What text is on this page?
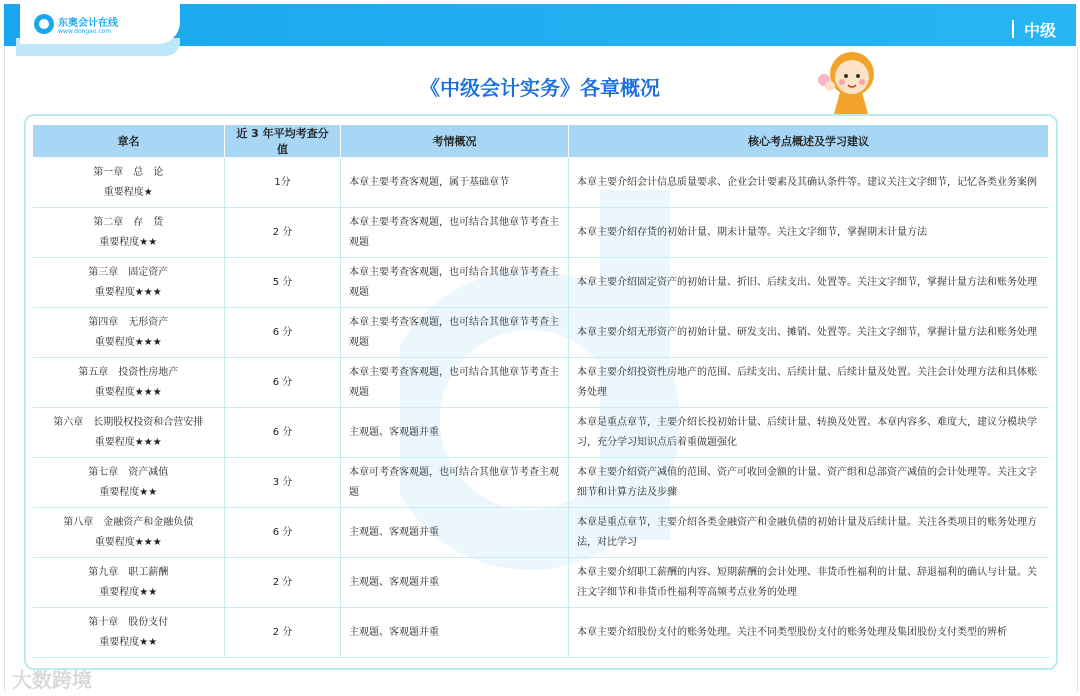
中级
东奥会计在线
www.dongao.com
《中级会计实务》各章概况
章名	近 3 年平均考查分值	考情概况	核心考点概述及学习建议
第一章　总　论
重要程度★	1分	本章主要考查客观题，属于基础章节	本章主要介绍会计信息质量要求、企业会计要素及其确认条件等。建议关注文字细节，记忆各类业务案例
第二章　存　货
重要程度★★	2 分	本章主要考查客观题，也可结合其他章节考查主观题	本章主要介绍存货的初始计量、期末计量等。关注文字细节，掌握期末计量方法
第三章　固定资产
重要程度★★★	5 分	本章主要考查客观题，也可结合其他章节考查主观题	本章主要介绍固定资产的初始计量、折旧、后续支出、处置等。关注文字细节，掌握计量方法和账务处理
第四章　无形资产
重要程度★★★	6 分	本章主要考查客观题，也可结合其他章节考查主观题	本章主要介绍无形资产的初始计量、研发支出、摊销、处置等。关注文字细节，掌握计量方法和账务处理
第五章　投资性房地产
重要程度★★★	6 分	本章主要考查客观题，也可结合其他章节考查主观题	本章主要介绍投资性房地产的范围、后续支出、后续计量、后续计量及处置。关注会计处理方法和具体账务处理
第六章　长期股权投资和合营安排
重要程度★★★	6 分	主观题、客观题并重	本章是重点章节，主要介绍长投初始计量、后续计量、转换及处置。本章内容多、难度大，建议分模块学习，充分学习知识点后着重做题强化
第七章　资产减值
重要程度★★	3 分	本章可考查客观题，也可结合其他章节考查主观题	本章主要介绍资产减值的范围、资产可收回金额的计量、资产组和总部资产减值的会计处理等。关注文字细节和计算方法及步骤
第八章　金融资产和金融负债
重要程度★★★	6 分	主观题、客观题并重	本章是重点章节，主要介绍各类金融资产和金融负债的初始计量及后续计量。关注各类项目的账务处理方法，对比学习
第九章　职工薪酬
重要程度★★	2 分	主观题、客观题并重	本章主要介绍职工薪酬的内容、短期薪酬的会计处理、非货币性福利的计量、辞退福利的确认与计量。关注文字细节和非货币性福利等高频考点业务的处理
第十章　股份支付
重要程度★★	2 分	主观题、客观题并重	本章主要介绍股份支付的账务处理。关注不同类型股份支付的账务处理及集团股份支付类型的辨析
大数跨境
